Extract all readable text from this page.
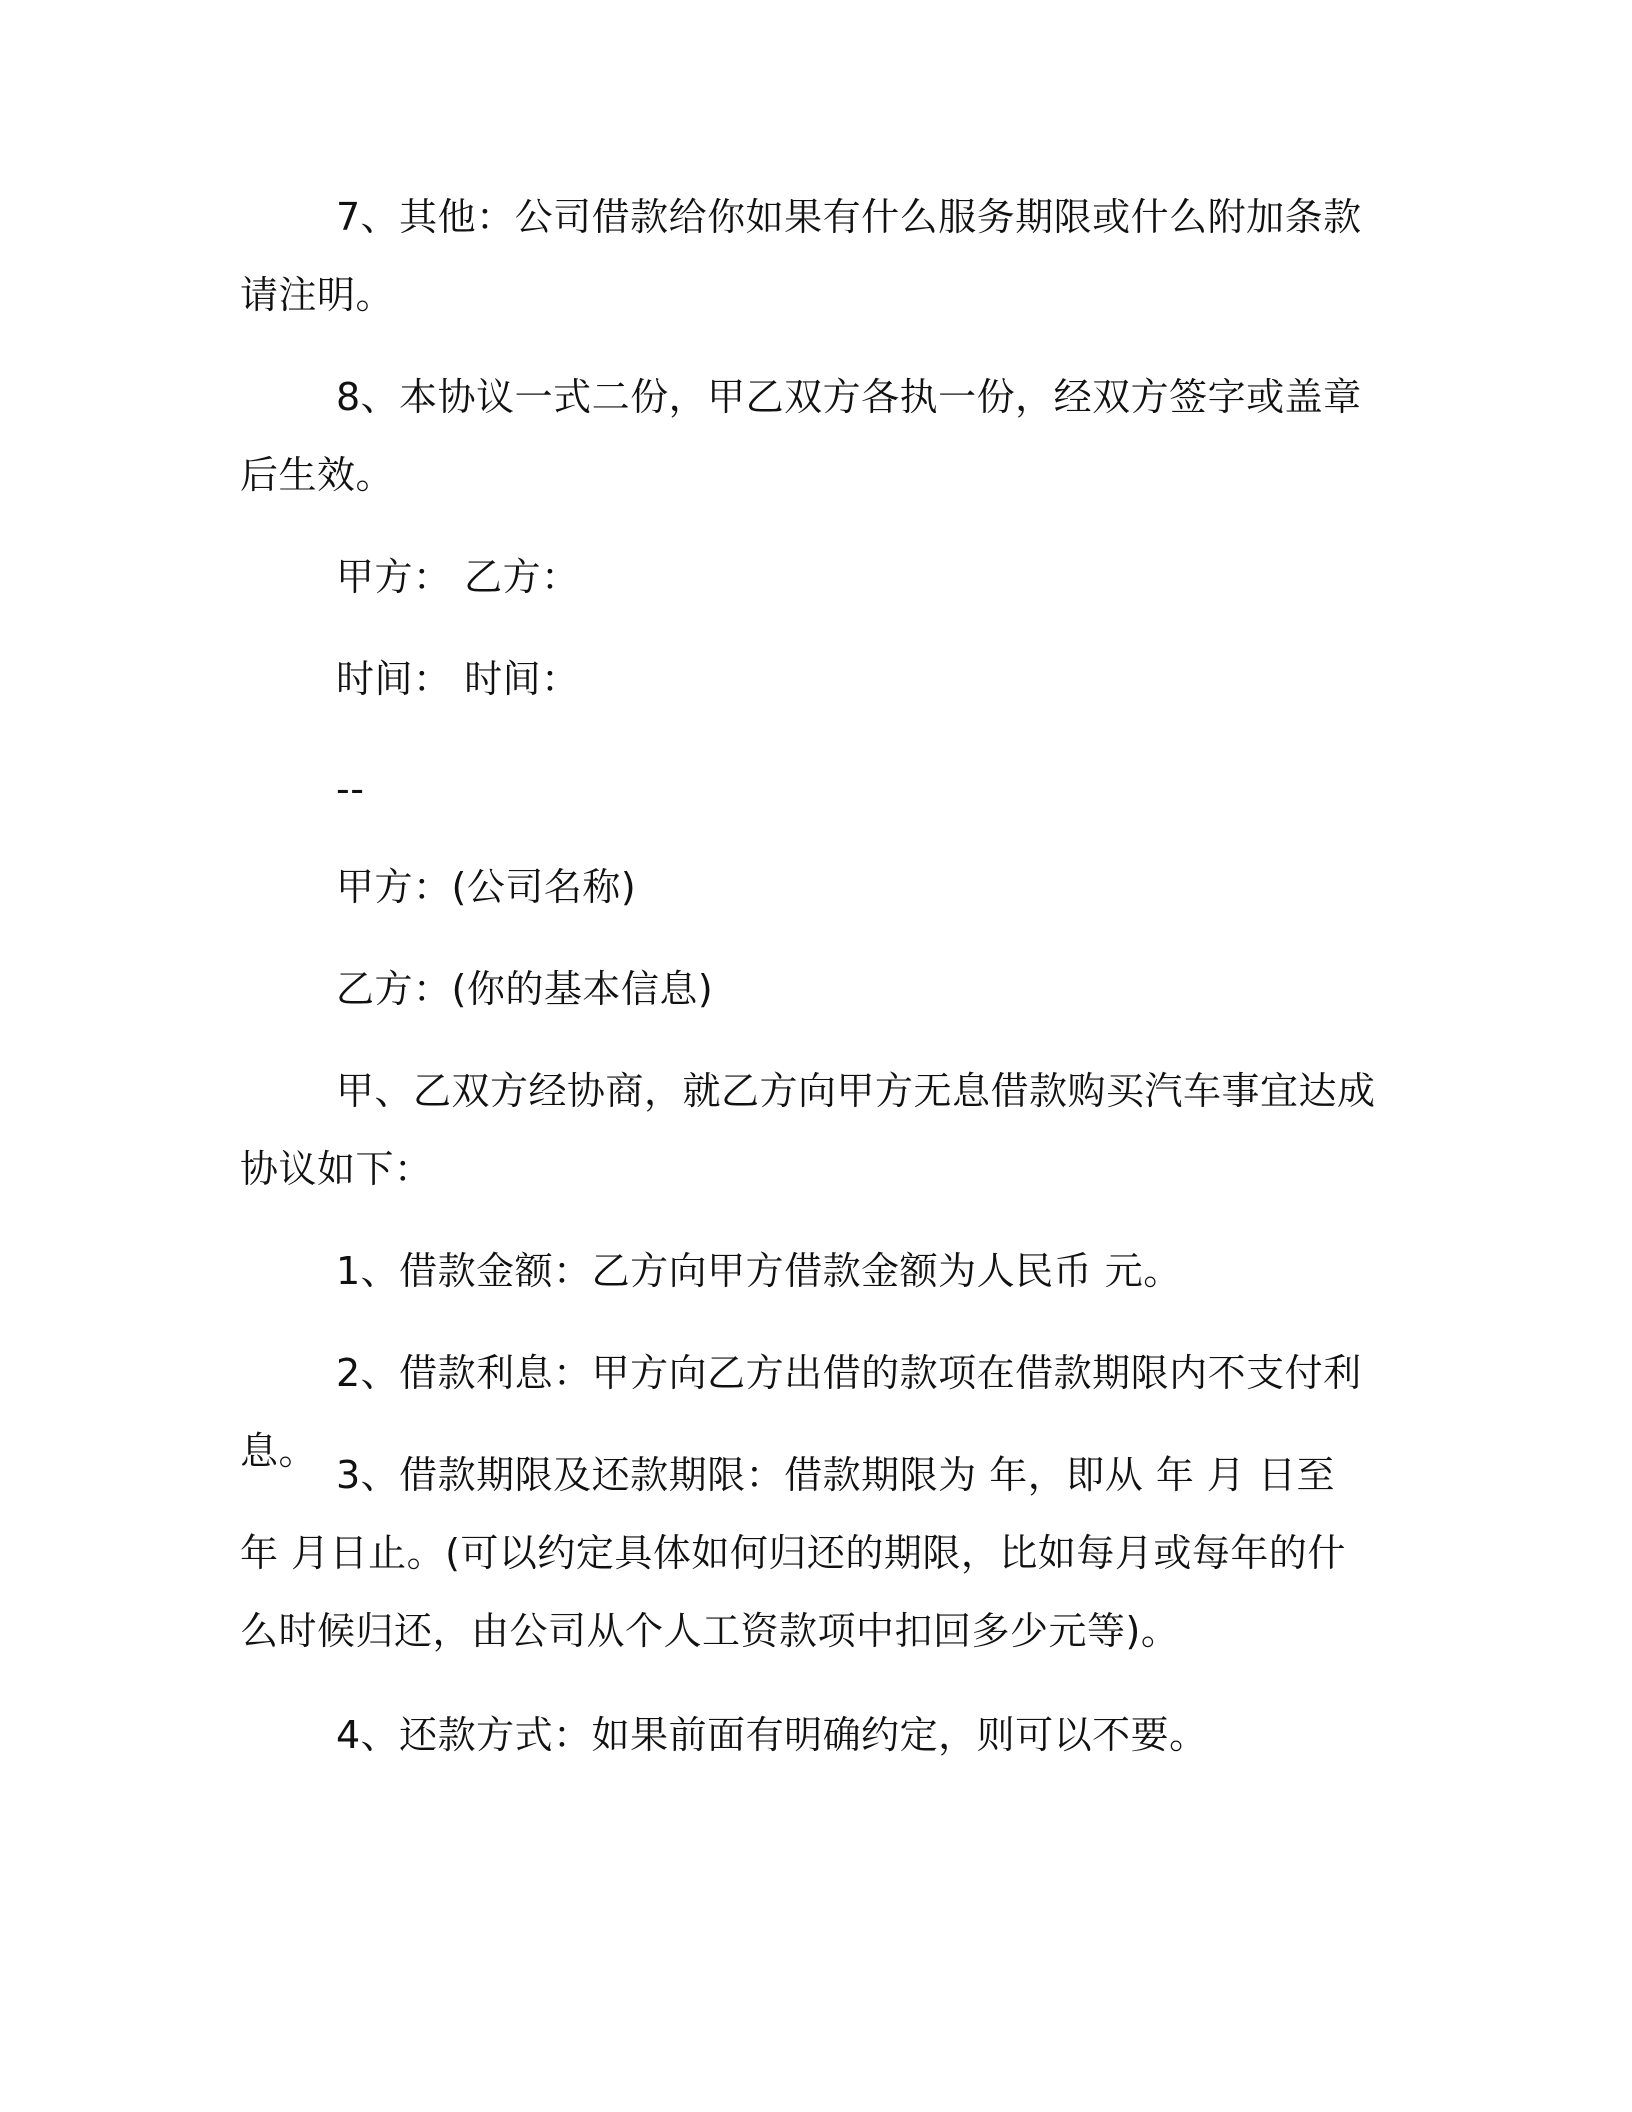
7、其他：公司借款给你如果有什么服务期限或什么附加条款请注明。

8、本协议一式二份，甲乙双方各执一份，经双方签字或盖章后生效。

甲方： 乙方：

时间： 时间：

--

甲方：(公司名称)

乙方：(你的基本信息)

甲、乙双方经协商，就乙方向甲方无息借款购买汽车事宜达成协议如下：

1、借款金额：乙方向甲方借款金额为人民币 元。

2、借款利息：甲方向乙方出借的款项在借款期限内不支付利息。

3、借款期限及还款期限：借款期限为 年，即从 年 月 日至 年 月日止。(可以约定具体如何归还的期限，比如每月或每年的什么时候归还，由公司从个人工资款项中扣回多少元等)。

4、还款方式：如果前面有明确约定，则可以不要。
